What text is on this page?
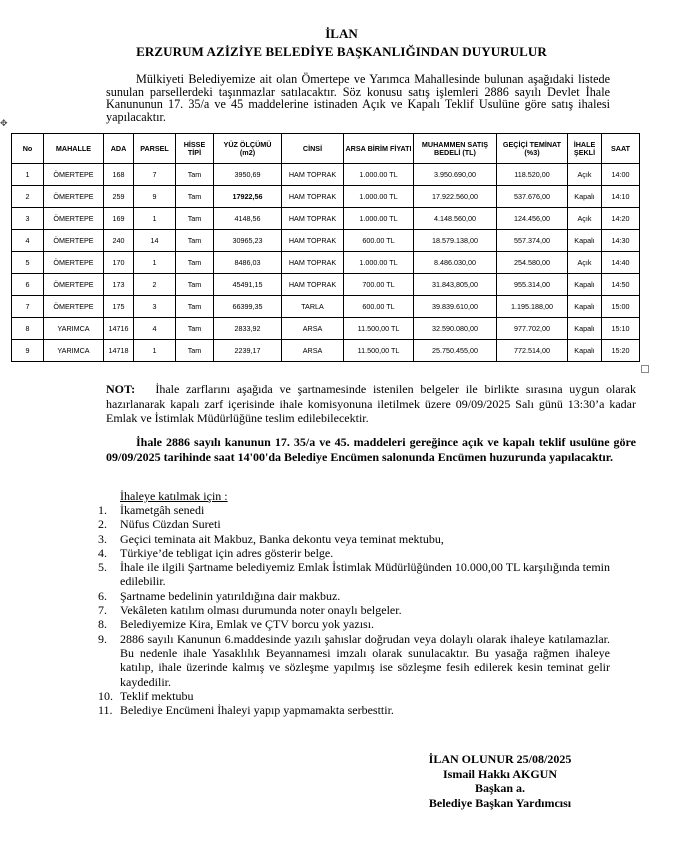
İLAN
ERZURUM AZİZİYE BELEDİYE BAŞKANLIĞINDAN DUYURULUR
Mülkiyeti Belediyemize ait olan Ömertepe ve Yarımca Mahallesinde bulunan aşağıdaki listede sunulan parsellerdeki taşınmazlar satılacaktır. Söz konusu satış işlemleri 2886 sayılı Devlet İhale Kanununun 17. 35/a ve 45 maddelerine istinaden Açık ve Kapalı Teklif Usulüne göre satış ihalesi yapılacaktır.
✥
No	MAHALLE	ADA	PARSEL	HİSSE TİPİ	YÜZ ÖLÇÜMÜ (m2)	CİNSİ	ARSA BİRİM FİYATI	MUHAMMEN SATIŞ BEDELİ (TL)	GEÇİÇİ TEMİNAT (%3)	İHALE ŞEKLİ	SAAT
1	ÖMERTEPE	168	7	Tam	3950,69	HAM TOPRAK	1.000.00 TL	3.950.690,00	118.520,00	Açık	14:00
2	ÖMERTEPE	259	9	Tam	17922,56	HAM TOPRAK	1.000.00 TL	17.922.560,00	537.676,00	Kapalı	14:10
3	ÖMERTEPE	169	1	Tam	4148,56	HAM TOPRAK	1.000.00 TL	4.148.560,00	124.456,00	Açık	14:20
4	ÖMERTEPE	240	14	Tam	30965,23	HAM TOPRAK	600.00 TL	18.579.138,00	557.374,00	Kapalı	14:30
5	ÖMERTEPE	170	1	Tam	8486,03	HAM TOPRAK	1.000.00 TL	8.486.030,00	254.580,00	Açık	14:40
6	ÖMERTEPE	173	2	Tam	45491,15	HAM TOPRAK	700.00 TL	31.843,805,00	955.314,00	Kapalı	14:50
7	ÖMERTEPE	175	3	Tam	66399,35	TARLA	600.00 TL	39.839.610,00	1.195.188,00	Kapalı	15:00
8	YARIMCA	14716	4	Tam	2833,92	ARSA	11.500,00 TL	32.590.080,00	977.702,00	Kapalı	15:10
9	YARIMCA	14718	1	Tam	2239,17	ARSA	11.500,00 TL	25.750.455,00	772.514,00	Kapalı	15:20
NOT: İhale zarflarını aşağıda ve şartnamesinde istenilen belgeler ile birlikte sırasına uygun olarak hazırlanarak kapalı zarf içerisinde ihale komisyonuna iletilmek üzere 09/09/2025 Salı günü 13:30’a kadar Emlak ve İstimlak Müdürlüğüne teslim edilebilecektir.
İhale 2886 sayılı kanunun 17. 35/a ve 45. maddeleri gereğince açık ve kapalı teklif usulüne göre 09/09/2025 tarihinde saat 14'00'da Belediye Encümen salonunda Encümen huzurunda yapılacaktır.
İhaleye katılmak için :
1.	İkametgâh senedi
2.	Nüfus Cüzdan Sureti
3.	Geçici teminata ait Makbuz, Banka dekontu veya teminat mektubu,
4.	Türkiye’de tebligat için adres gösterir belge.
5.	İhale ile ilgili Şartname belediyemiz Emlak İstimlak Müdürlüğünden 10.000,00 TL karşılığında temin edilebilir.
6.	Şartname bedelinin yatırıldığına dair makbuz.
7.	Vekâleten katılım olması durumunda noter onaylı belgeler.
8.	Belediyemize Kira, Emlak ve ÇTV borcu yok yazısı.
9.	2886 sayılı Kanunun 6.maddesinde yazılı şahıslar doğrudan veya dolaylı olarak ihaleye katılamazlar. Bu nedenle ihale Yasaklılık Beyannamesi imzalı olarak sunulacaktır. Bu yasağa rağmen ihaleye katılıp, ihale üzerinde kalmış ve sözleşme yapılmış ise sözleşme fesih edilerek kesin teminat gelir kaydedilir.
10. Teklif mektubu
11. Belediye Encümeni İhaleyi yapıp yapmamakta serbesttir.
İLAN OLUNUR 25/08/2025
Ismail Hakkı AKGUN
Başkan a.
Belediye Başkan Yardımcısı
